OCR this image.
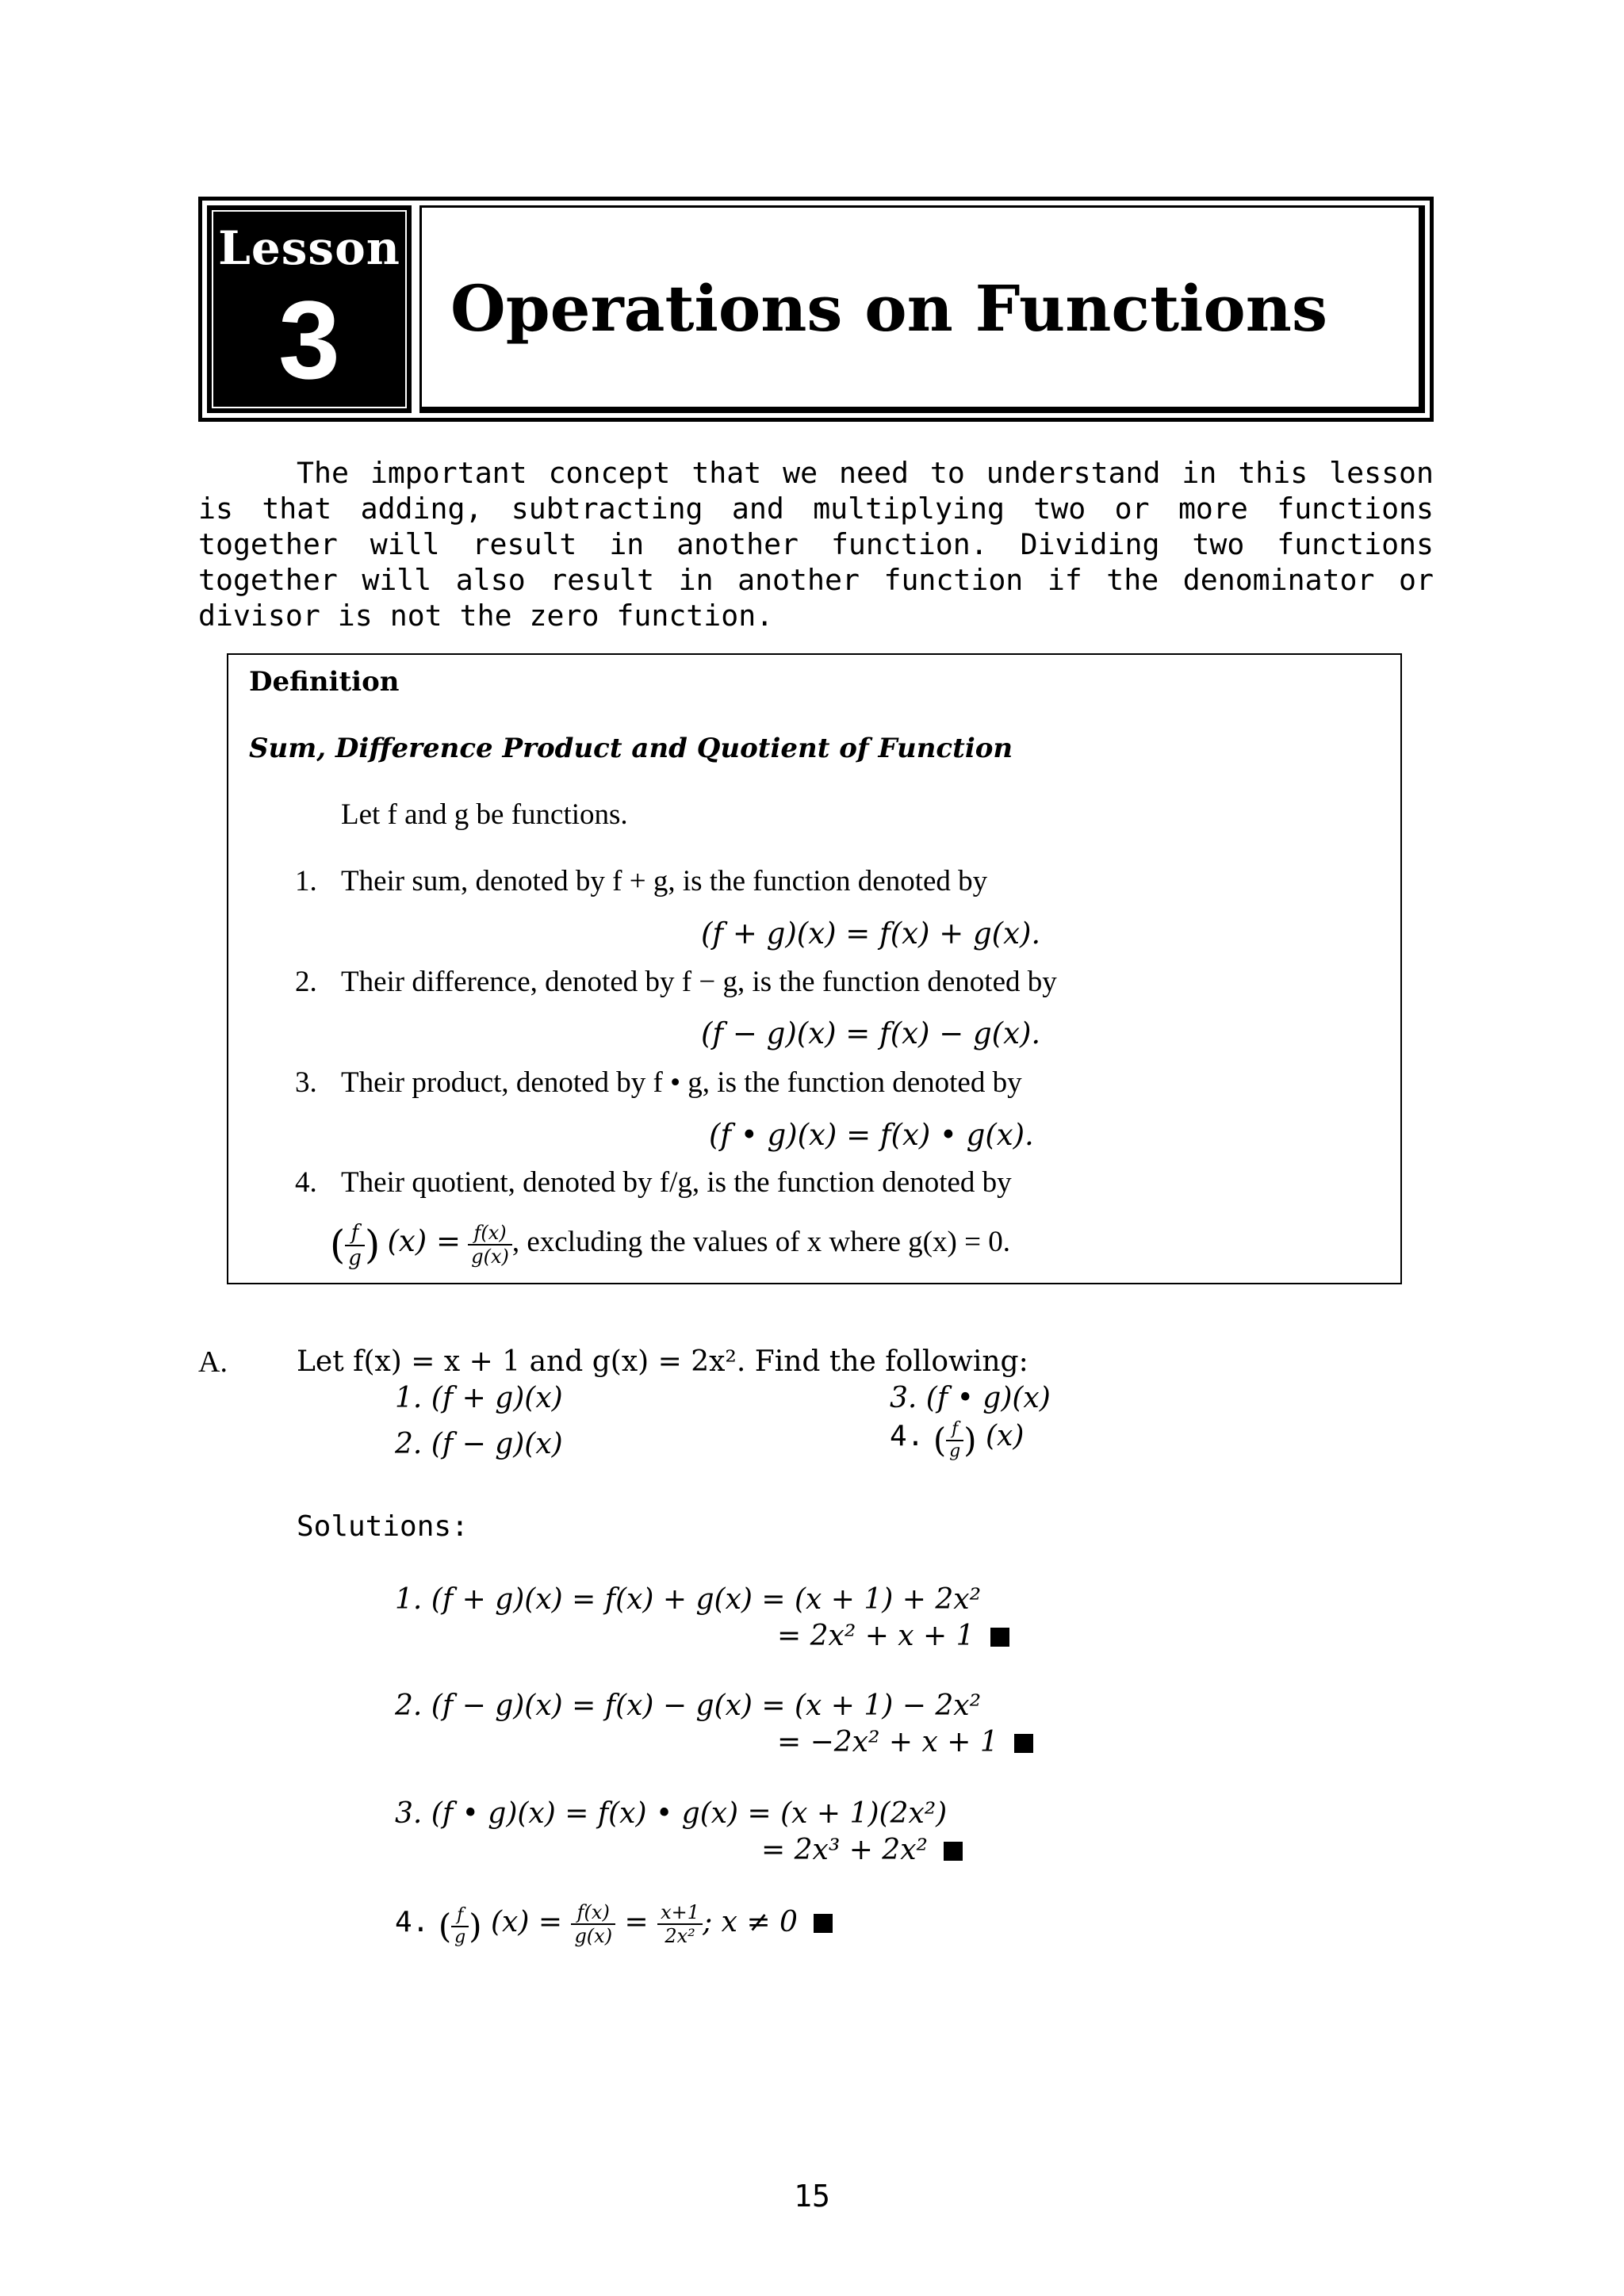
Lesson
3	Operations on Functions

The important concept that we need to understand in this lesson is that adding, subtracting and multiplying two or more functions together will result in another function. Dividing two functions together will also result in another function if the denominator or divisor is not the zero function.

Definition
Sum, Difference Product and Quotient of Function
Let f and g be functions.
1. Their sum, denoted by f + g, is the function denoted by
(f + g)(x) = f(x) + g(x).
2. Their difference, denoted by f − g, is the function denoted by
(f − g)(x) = f(x) − g(x).
3. Their product, denoted by f • g, is the function denoted by
(f • g)(x) = f(x) • g(x).
4. Their quotient, denoted by f/g, is the function denoted by
( $\frac{f}{g}$ ) $(x) = \frac{f(x)}{g(x)}$ , excluding the values of x where g(x) = 0.
A. Let f(x) = x + 1 and g(x) = 2x². Find the following:
1. (f + g)(x)
2. (f − g)(x)
3. (f • g)(x)
4. ( $\frac{f}{g}$ ) (x)
Solutions:
1. (f + g)(x) = f(x) + g(x) = (x + 1) + 2x²
= 2x² + x + 1
2. (f − g)(x) = f(x) − g(x) = (x + 1) − 2x²
= −2x² + x + 1
3. (f • g)(x) = f(x) • g(x) = (x + 1)(2x²)
= 2x³ + 2x²
4. ( $\frac{f}{g}$ ) $(x) = \frac{f(x)}{g(x)} = \frac{x+1}{\text{2x²}}$ ; x ≠ 0
15
